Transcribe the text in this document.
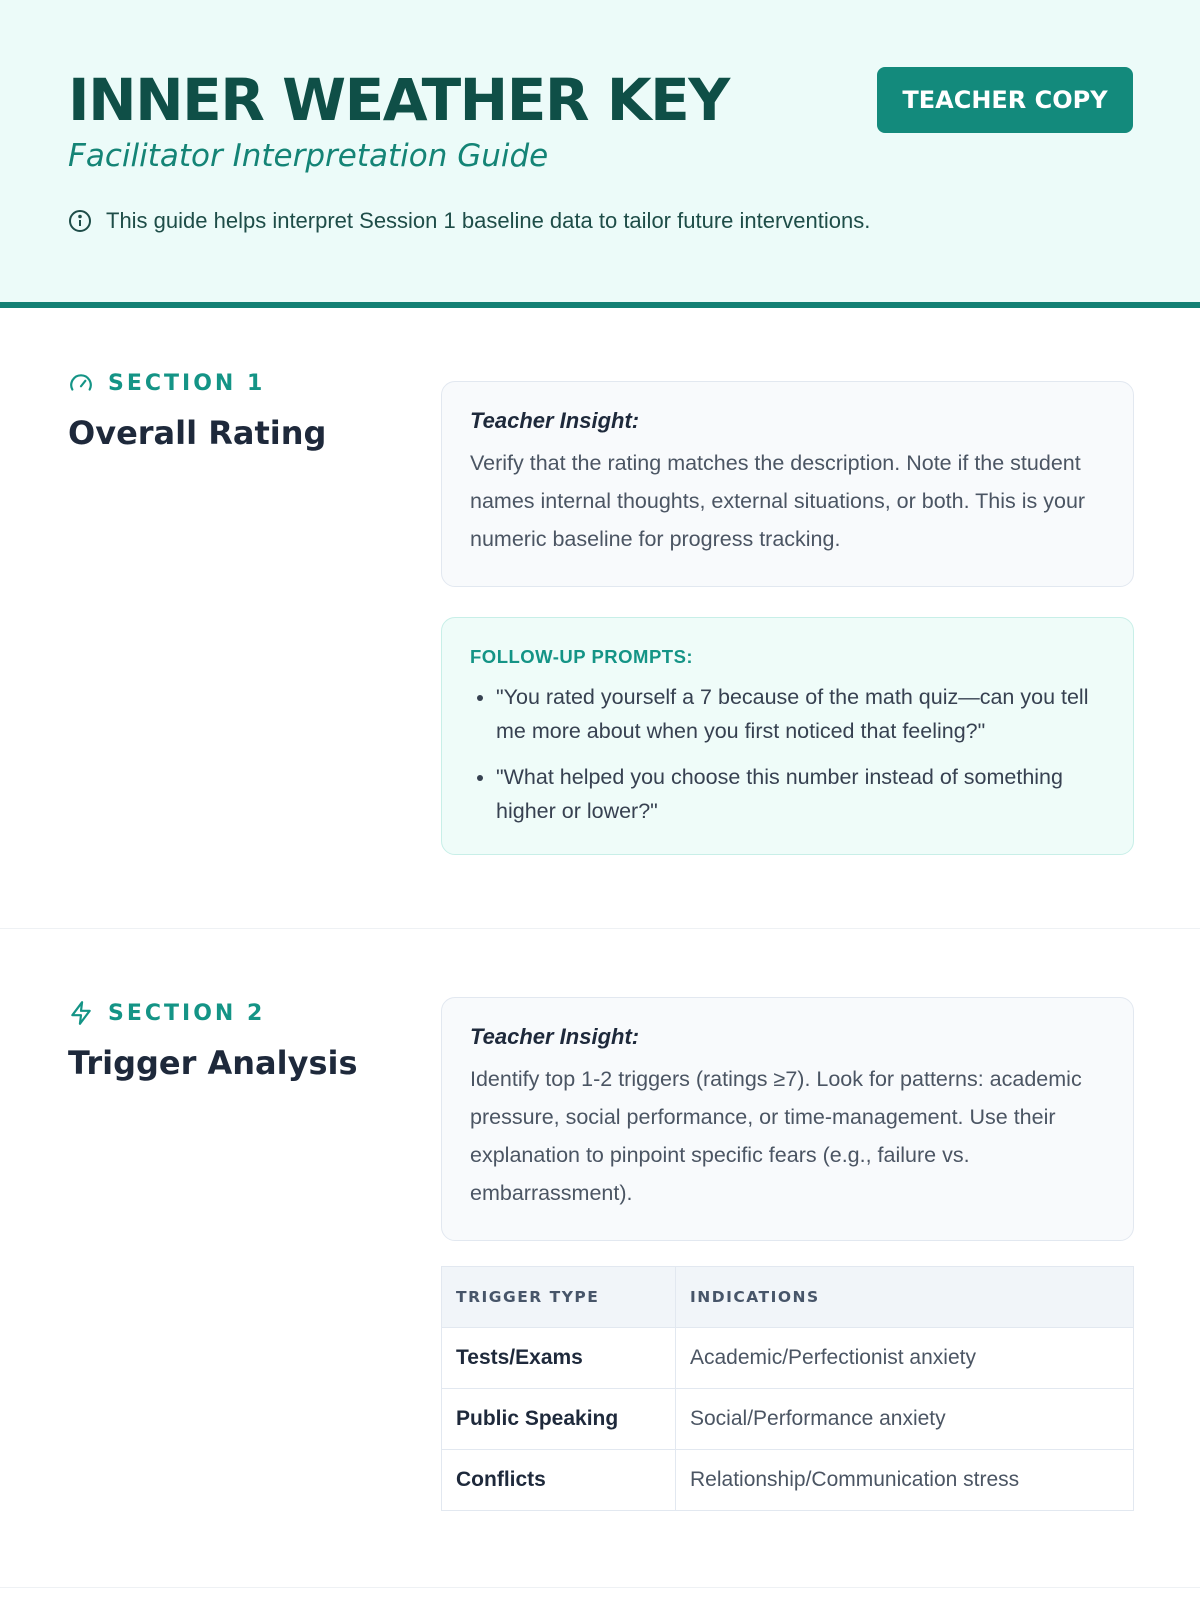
INNER WEATHER KEY
Facilitator Interpretation Guide
TEACHER COPY
This guide helps interpret Session 1 baseline data to tailor future interventions.
SECTION 1
Overall Rating	Teacher Insight:
Verify that the rating matches the description. Note if the student names internal thoughts, external situations, or both. This is your numeric baseline for progress tracking.
FOLLOW-UP PROMPTS:
• "You rated yourself a 7 because of the math quiz—can you tell me more about when you first noticed that feeling?"
• "What helped you choose this number instead of something higher or lower?"
SECTION 2
Trigger Analysis
Teacher Insight:
Identify top 1-2 triggers (ratings ≥7). Look for patterns: academic pressure, social performance, or time-management. Use their explanation to pinpoint specific fears (e.g., failure vs. embarrassment).
TRIGGER TYPE	INDICATIONS
Tests/Exams	Academic/Perfectionist anxiety
Public Speaking	Social/Performance anxiety
Conflicts	Relationship/Communication stress
